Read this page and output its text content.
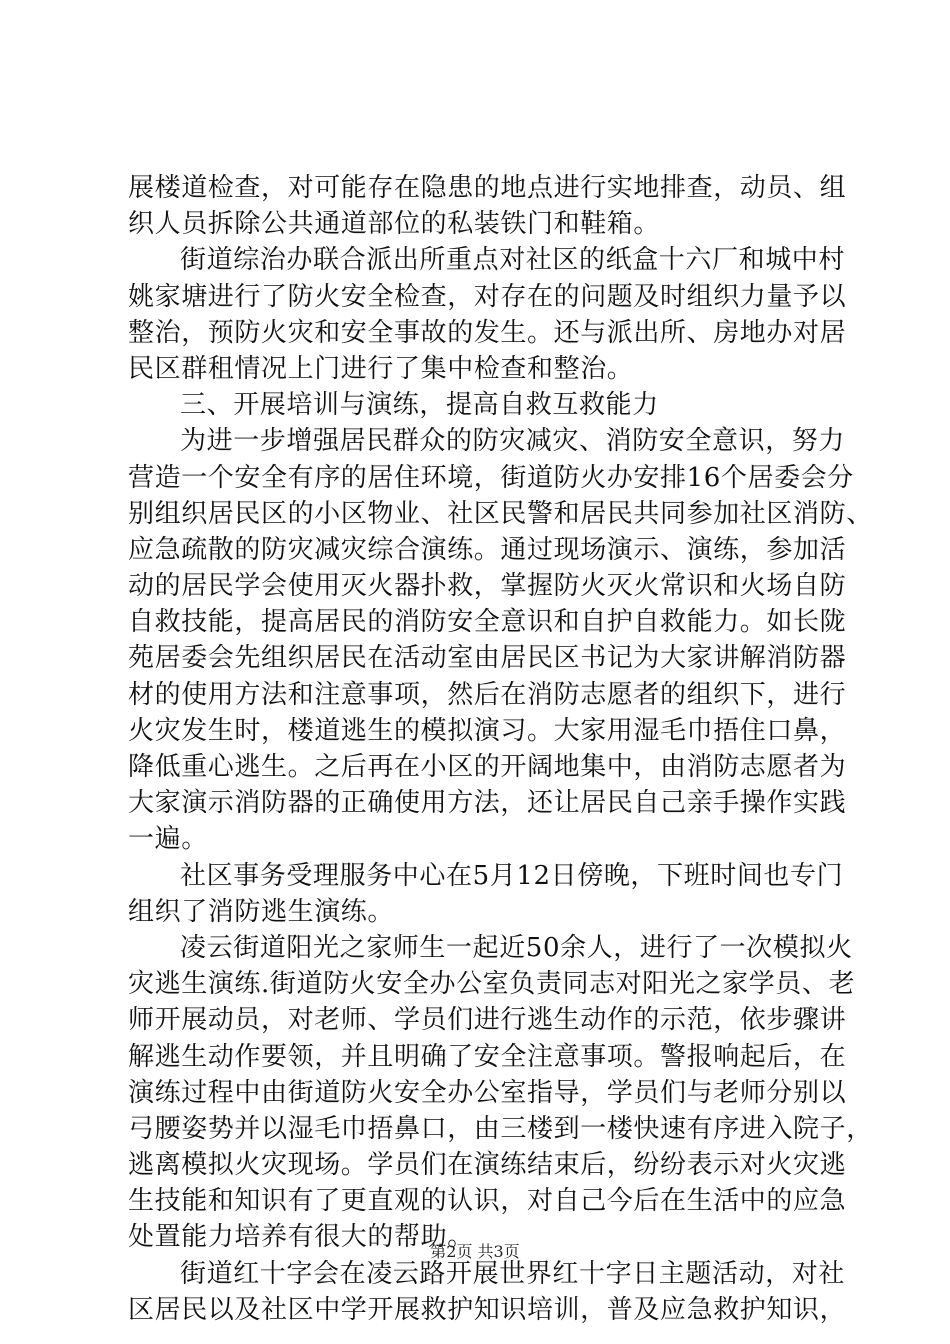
展楼道检查，对可能存在隐患的地点进行实地排查，动员、组
织人员拆除公共通道部位的私装铁门和鞋箱。
街道综治办联合派出所重点对社区的纸盒十六厂和城中村
姚家塘进行了防火安全检查，对存在的问题及时组织力量予以
整治，预防火灾和安全事故的发生。还与派出所、房地办对居
民区群租情况上门进行了集中检查和整治。
三、开展培训与演练，提高自救互救能力
为进一步增强居民群众的防灾减灾、消防安全意识，努力
营造一个安全有序的居住环境，街道防火办安排16个居委会分
别组织居民区的小区物业、社区民警和居民共同参加社区消防、
应急疏散的防灾减灾综合演练。通过现场演示、演练，参加活
动的居民学会使用灭火器扑救，掌握防火灭火常识和火场自防
自救技能，提高居民的消防安全意识和自护自救能力。如长陇
苑居委会先组织居民在活动室由居民区书记为大家讲解消防器
材的使用方法和注意事项，然后在消防志愿者的组织下，进行
火灾发生时，楼道逃生的模拟演习。大家用湿毛巾捂住口鼻，
降低重心逃生。之后再在小区的开阔地集中，由消防志愿者为
大家演示消防器的正确使用方法，还让居民自己亲手操作实践
一遍。
社区事务受理服务中心在5月12日傍晚，下班时间也专门
组织了消防逃生演练。
凌云街道阳光之家师生一起近50余人，进行了一次模拟火
灾逃生演练.街道防火安全办公室负责同志对阳光之家学员、老
师开展动员，对老师、学员们进行逃生动作的示范，依步骤讲
解逃生动作要领，并且明确了安全注意事项。警报响起后，在
演练过程中由街道防火安全办公室指导，学员们与老师分别以
弓腰姿势并以湿毛巾捂鼻口，由三楼到一楼快速有序进入院子，
逃离模拟火灾现场。学员们在演练结束后，纷纷表示对火灾逃
生技能和知识有了更直观的认识，对自己今后在生活中的应急
处置能力培养有很大的帮助。
街道红十字会在凌云路开展世界红十字日主题活动，对社
区居民以及社区中学开展救护知识培训，普及应急救护知识，
第2页 共3页
